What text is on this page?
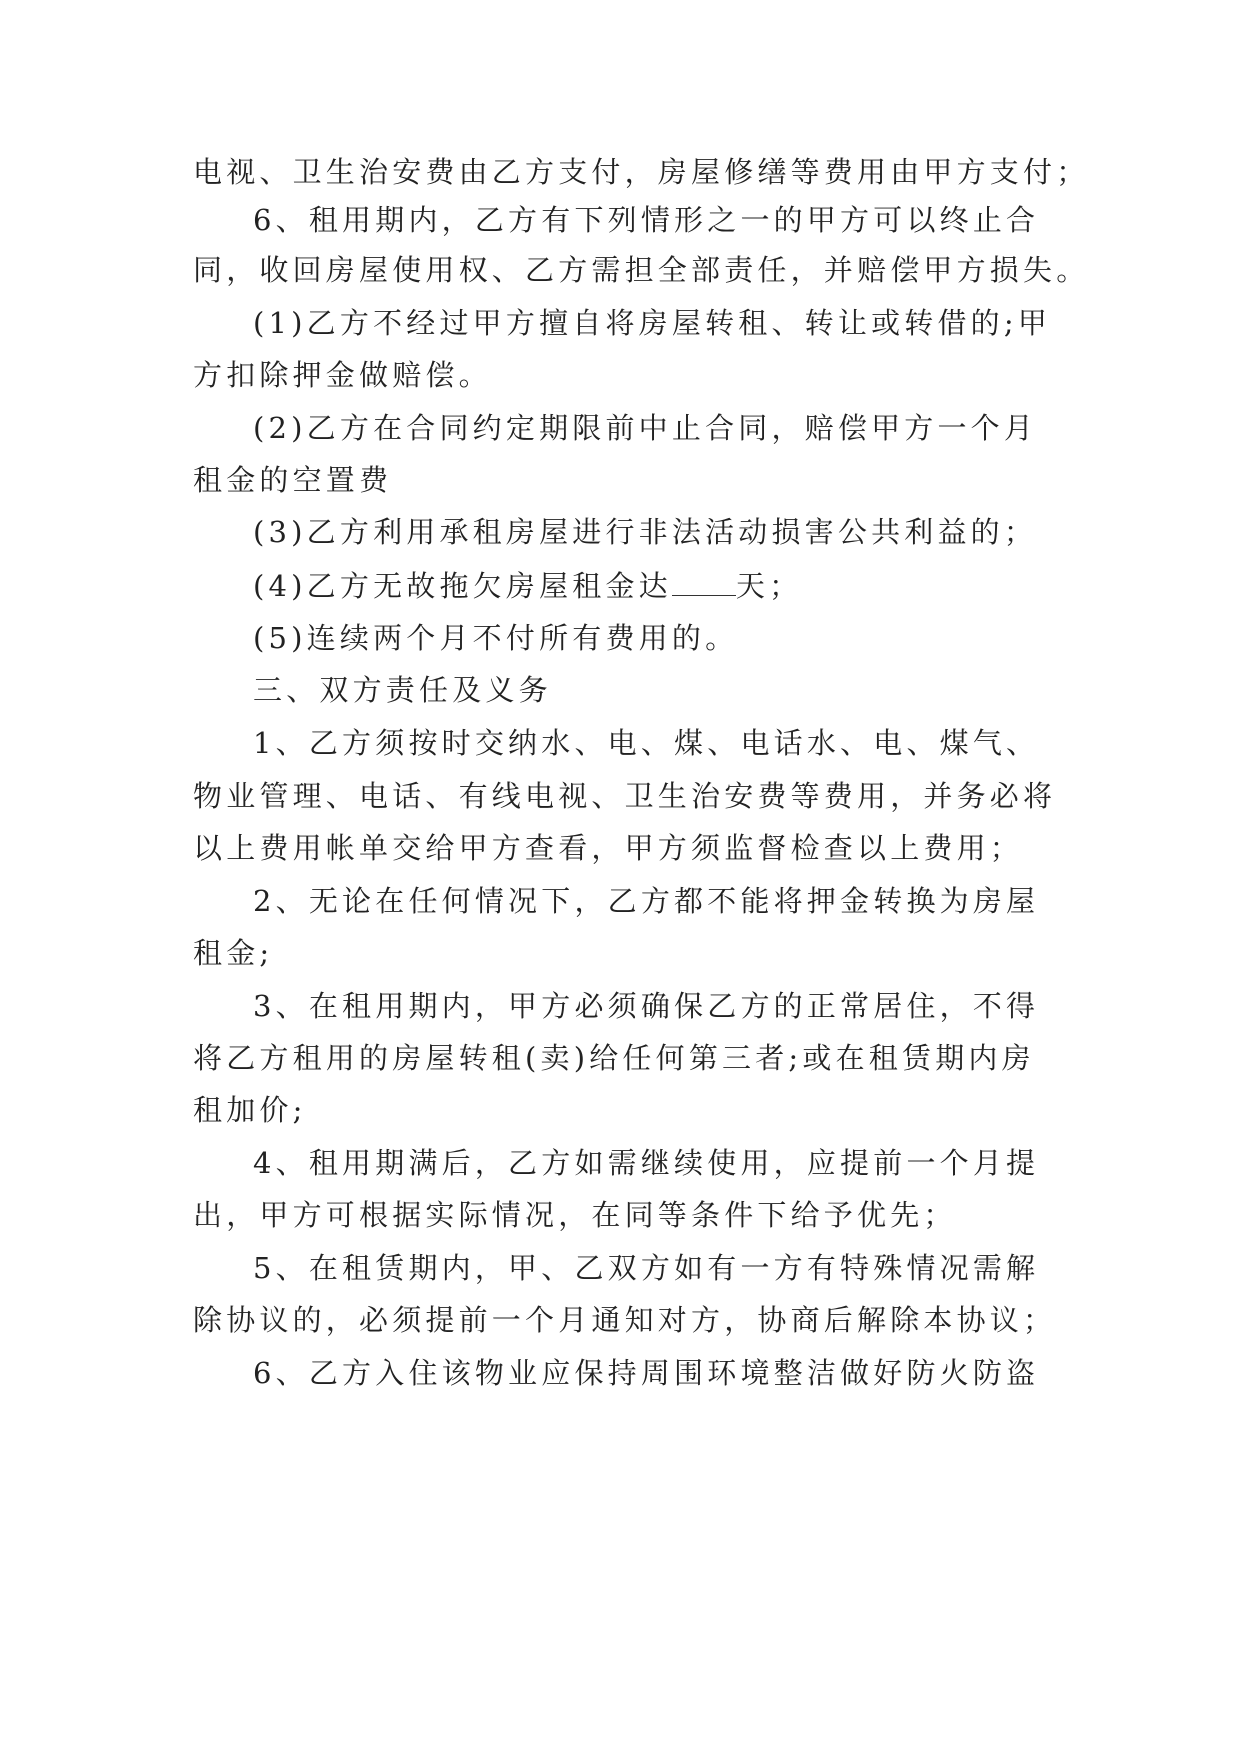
电视、卫生治安费由乙方支付，房屋修缮等费用由甲方支付；
6、租用期内，乙方有下列情形之一的甲方可以终止合
同，收回房屋使用权、乙方需担全部责任，并赔偿甲方损失。
(1)乙方不经过甲方擅自将房屋转租、转让或转借的;甲
方扣除押金做赔偿。
(2)乙方在合同约定期限前中止合同，赔偿甲方一个月
租金的空置费
(3)乙方利用承租房屋进行非法活动损害公共利益的；
(4)乙方无故拖欠房屋租金达 天；
(5)连续两个月不付所有费用的。
三、双方责任及义务
1、乙方须按时交纳水、电、煤、电话水、电、煤气、
物业管理、电话、有线电视、卫生治安费等费用，并务必将
以上费用帐单交给甲方查看，甲方须监督检查以上费用；
2、无论在任何情况下，乙方都不能将押金转换为房屋
租金;
3、在租用期内，甲方必须确保乙方的正常居住，不得
将乙方租用的房屋转租(卖)给任何第三者;或在租赁期内房
租加价;
4、租用期满后，乙方如需继续使用，应提前一个月提
出，甲方可根据实际情况，在同等条件下给予优先；
5、在租赁期内，甲、乙双方如有一方有特殊情况需解
除协议的，必须提前一个月通知对方，协商后解除本协议；
6、乙方入住该物业应保持周围环境整洁做好防火防盗
